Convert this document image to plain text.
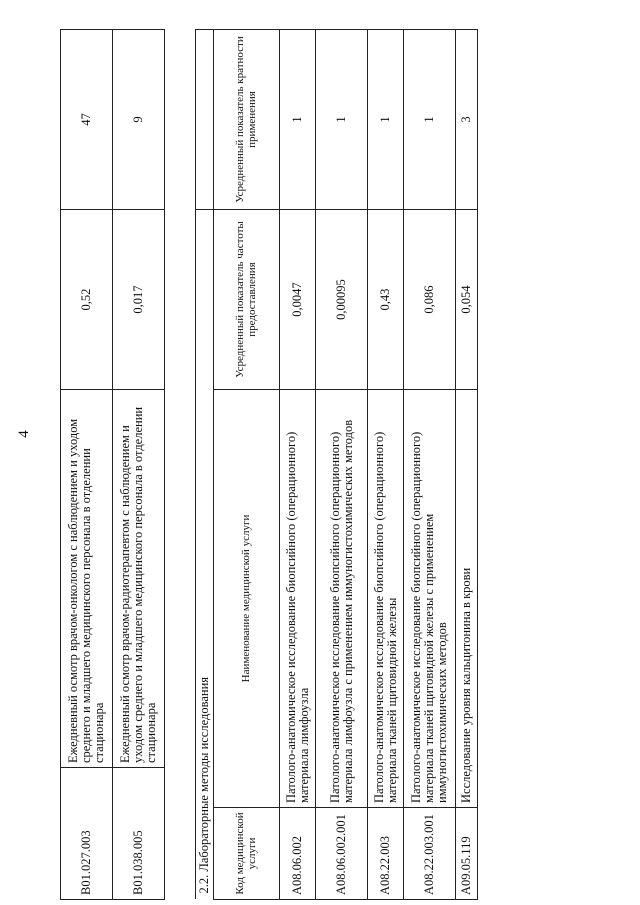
4
B01.027.003	Ежедневный осмотр врачом-онкологом с наблюдением и уходом среднего и младшего медицинского персонала в отделении стационара	0,52	47
B01.038.005	Ежедневный осмотр врачом-радиотерапевтом с наблюдением и уходом среднего и младшего медицинского персонала в отделении стационара	0,017	9
2.2. Лабораторные методы исследования			
Код медицинской услуги	Наименование медицинской услуги	Усредненный показатель частоты предоставления	Усредненный показатель кратности применения
A08.06.002	Патолого-анатомическое исследование биопсийного (операционного) материала лимфоузла	0,0047	1
A08.06.002.001	Патолого-анатомическое исследование биопсийного (операционного) материала лимфоузла с применением иммуногистохимических методов	0,00095	1
A08.22.003	Патолого-анатомическое исследование биопсийного (операционного) материала тканей щитовидной железы	0,43	1
A08.22.003.001	Патолого-анатомическое исследование биопсийного (операционного) материала тканей щитовидной железы с применением иммуногистохимических методов	0,086	1
A09.05.119	Исследование уровня кальцитонина в крови	0,054	3
